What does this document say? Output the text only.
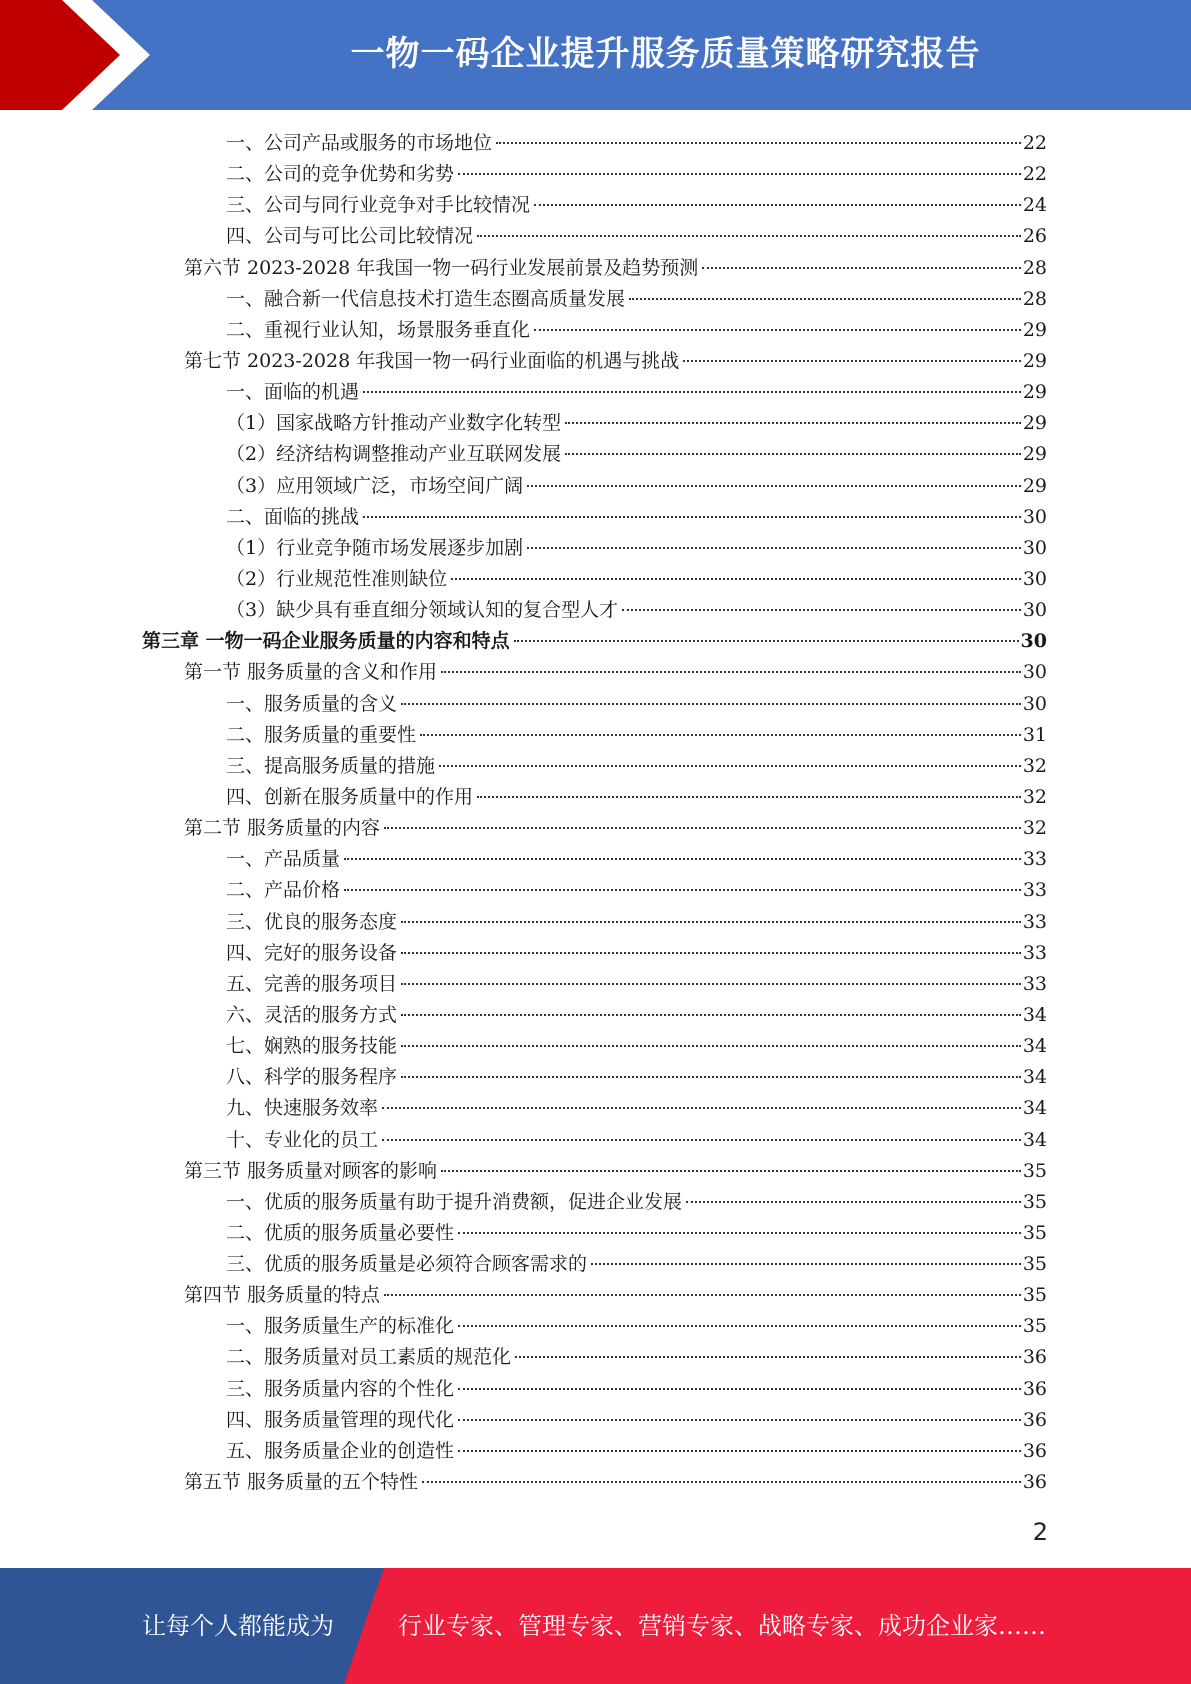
一物一码企业提升服务质量策略研究报告
一、公司产品或服务的市场地位	22
二、公司的竞争优势和劣势	22
三、公司与同行业竞争对手比较情况	24
四、公司与可比公司比较情况	26
第六节 2023-2028 年我国一物一码行业发展前景及趋势预测	28
一、融合新一代信息技术打造生态圈高质量发展	28
二、重视行业认知，场景服务垂直化	29
第七节 2023-2028 年我国一物一码行业面临的机遇与挑战	29
一、面临的机遇	29
（1）国家战略方针推动产业数字化转型	29
（2）经济结构调整推动产业互联网发展	29
（3）应用领域广泛，市场空间广阔	29
二、面临的挑战	30
（1）行业竞争随市场发展逐步加剧	30
（2）行业规范性准则缺位	30
（3）缺少具有垂直细分领域认知的复合型人才	30
第三章 一物一码企业服务质量的内容和特点	30
第一节 服务质量的含义和作用	30
一、服务质量的含义	30
二、服务质量的重要性	31
三、提高服务质量的措施	32
四、创新在服务质量中的作用	32
第二节 服务质量的内容	32
一、产品质量	33
二、产品价格	33
三、优良的服务态度	33
四、完好的服务设备	33
五、完善的服务项目	33
六、灵活的服务方式	34
七、娴熟的服务技能	34
八、科学的服务程序	34
九、快速服务效率	34
十、专业化的员工	34
第三节 服务质量对顾客的影响	35
一、优质的服务质量有助于提升消费额，促进企业发展	35
二、优质的服务质量必要性	35
三、优质的服务质量是必须符合顾客需求的	35
第四节 服务质量的特点	35
一、服务质量生产的标准化	35
二、服务质量对员工素质的规范化	36
三、服务质量内容的个性化	36
四、服务质量管理的现代化	36
五、服务质量企业的创造性	36
第五节 服务质量的五个特性	36
2
让每个人都能成为	行业专家、管理专家、营销专家、战略专家、成功企业家……
